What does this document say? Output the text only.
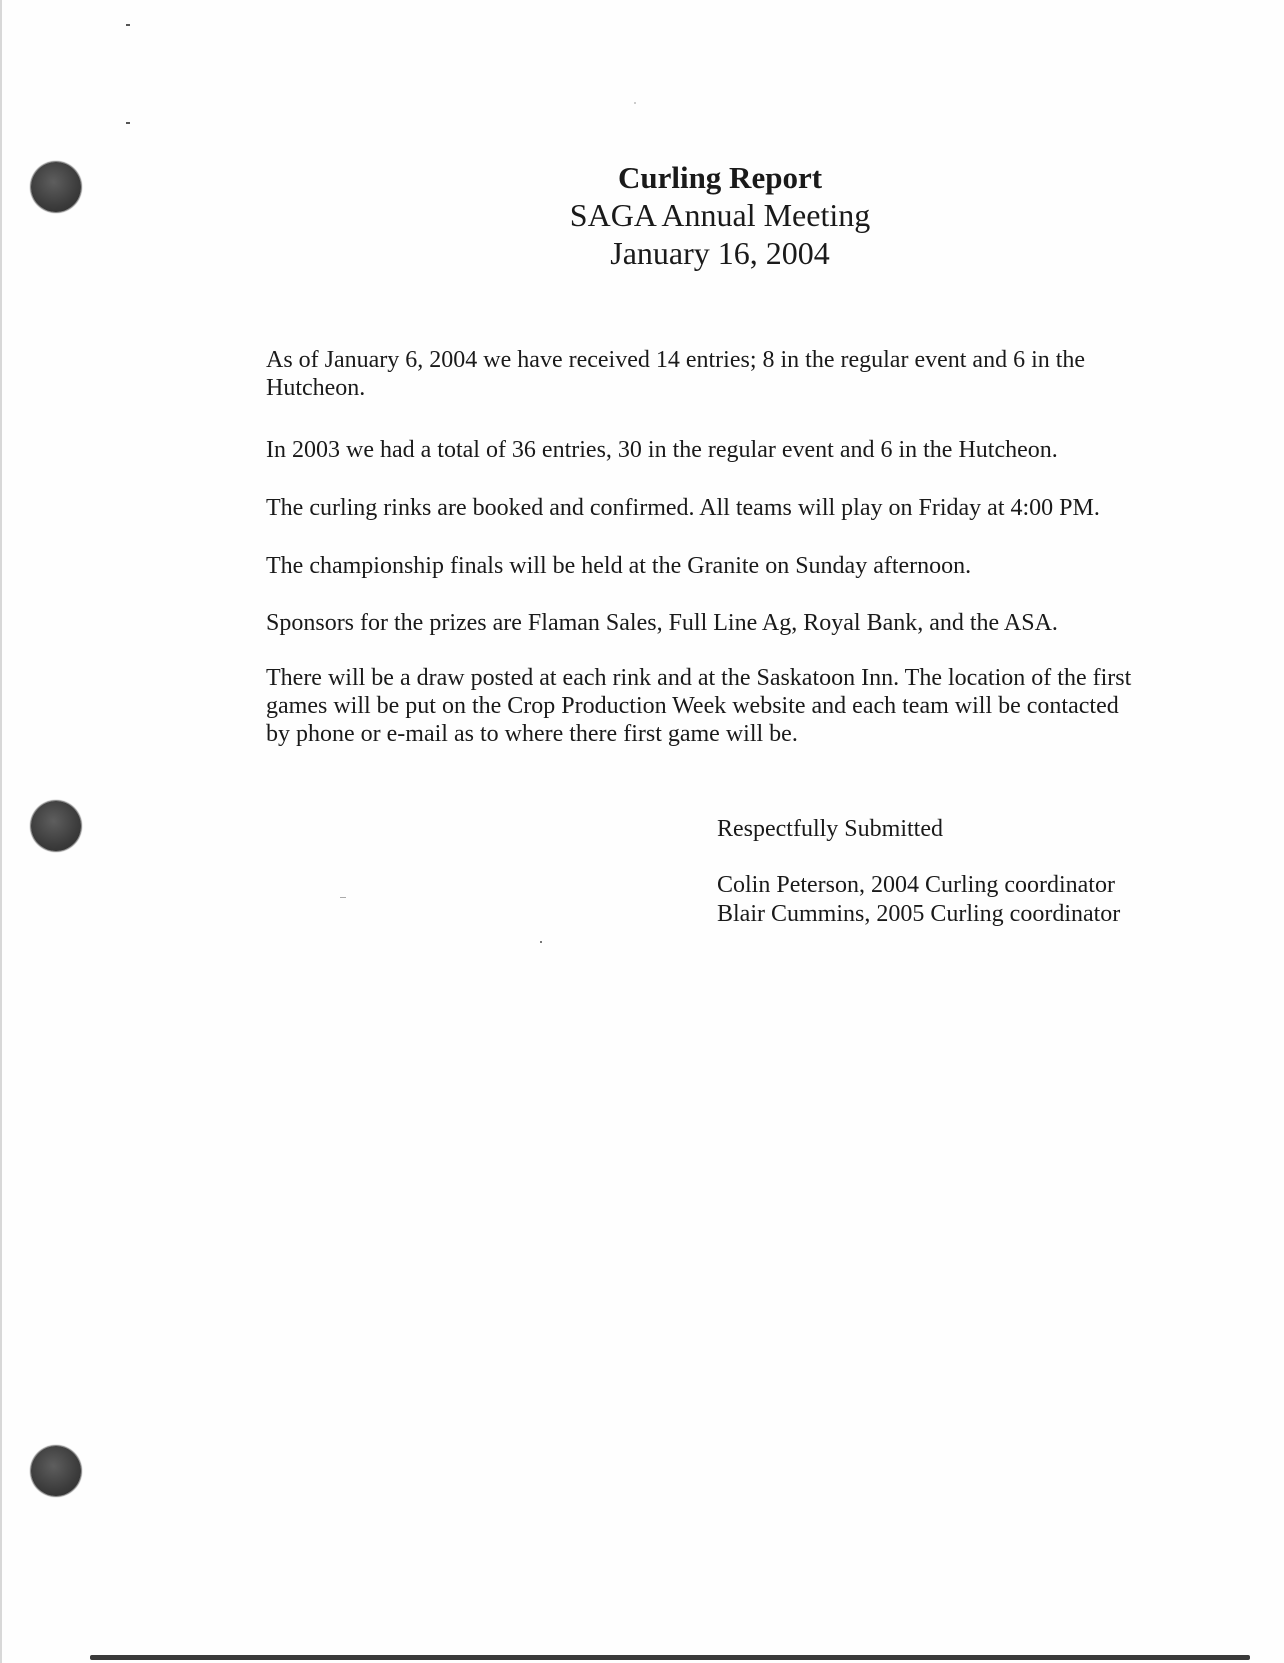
Curling Report
SAGA Annual Meeting
January 16, 2004

As of January 6, 2004 we have received 14 entries; 8 in the regular event and 6 in the Hutcheon.

In 2003 we had a total of 36 entries, 30 in the regular event and 6 in the Hutcheon.

The curling rinks are booked and confirmed. All teams will play on Friday at 4:00 PM.

The championship finals will be held at the Granite on Sunday afternoon.

Sponsors for the prizes are Flaman Sales, Full Line Ag, Royal Bank, and the ASA.

There will be a draw posted at each rink and at the Saskatoon Inn. The location of the first games will be put on the Crop Production Week website and each team will be contacted by phone or e-mail as to where there first game will be.

Respectfully Submitted
Colin Peterson, 2004 Curling coordinator
Blair Cummins, 2005 Curling coordinator
